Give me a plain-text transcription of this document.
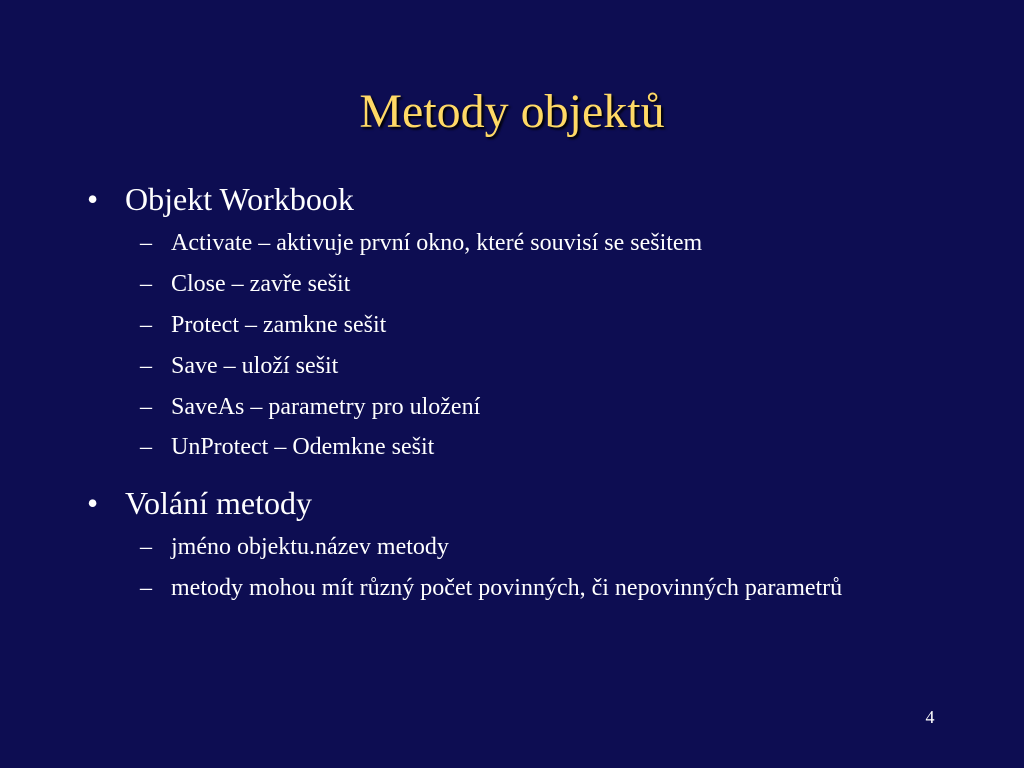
Metody objektů
• Objekt Workbook
– Activate – aktivuje první okno, které souvisí se sešitem
– Close – zavře sešit
– Protect – zamkne sešit
– Save – uloží sešit
– SaveAs – parametry pro uložení
– UnProtect – Odemkne sešit
• Volání metody
– jméno objektu.název metody
– metody mohou mít různý počet povinných, či nepovinných parametrů
4
